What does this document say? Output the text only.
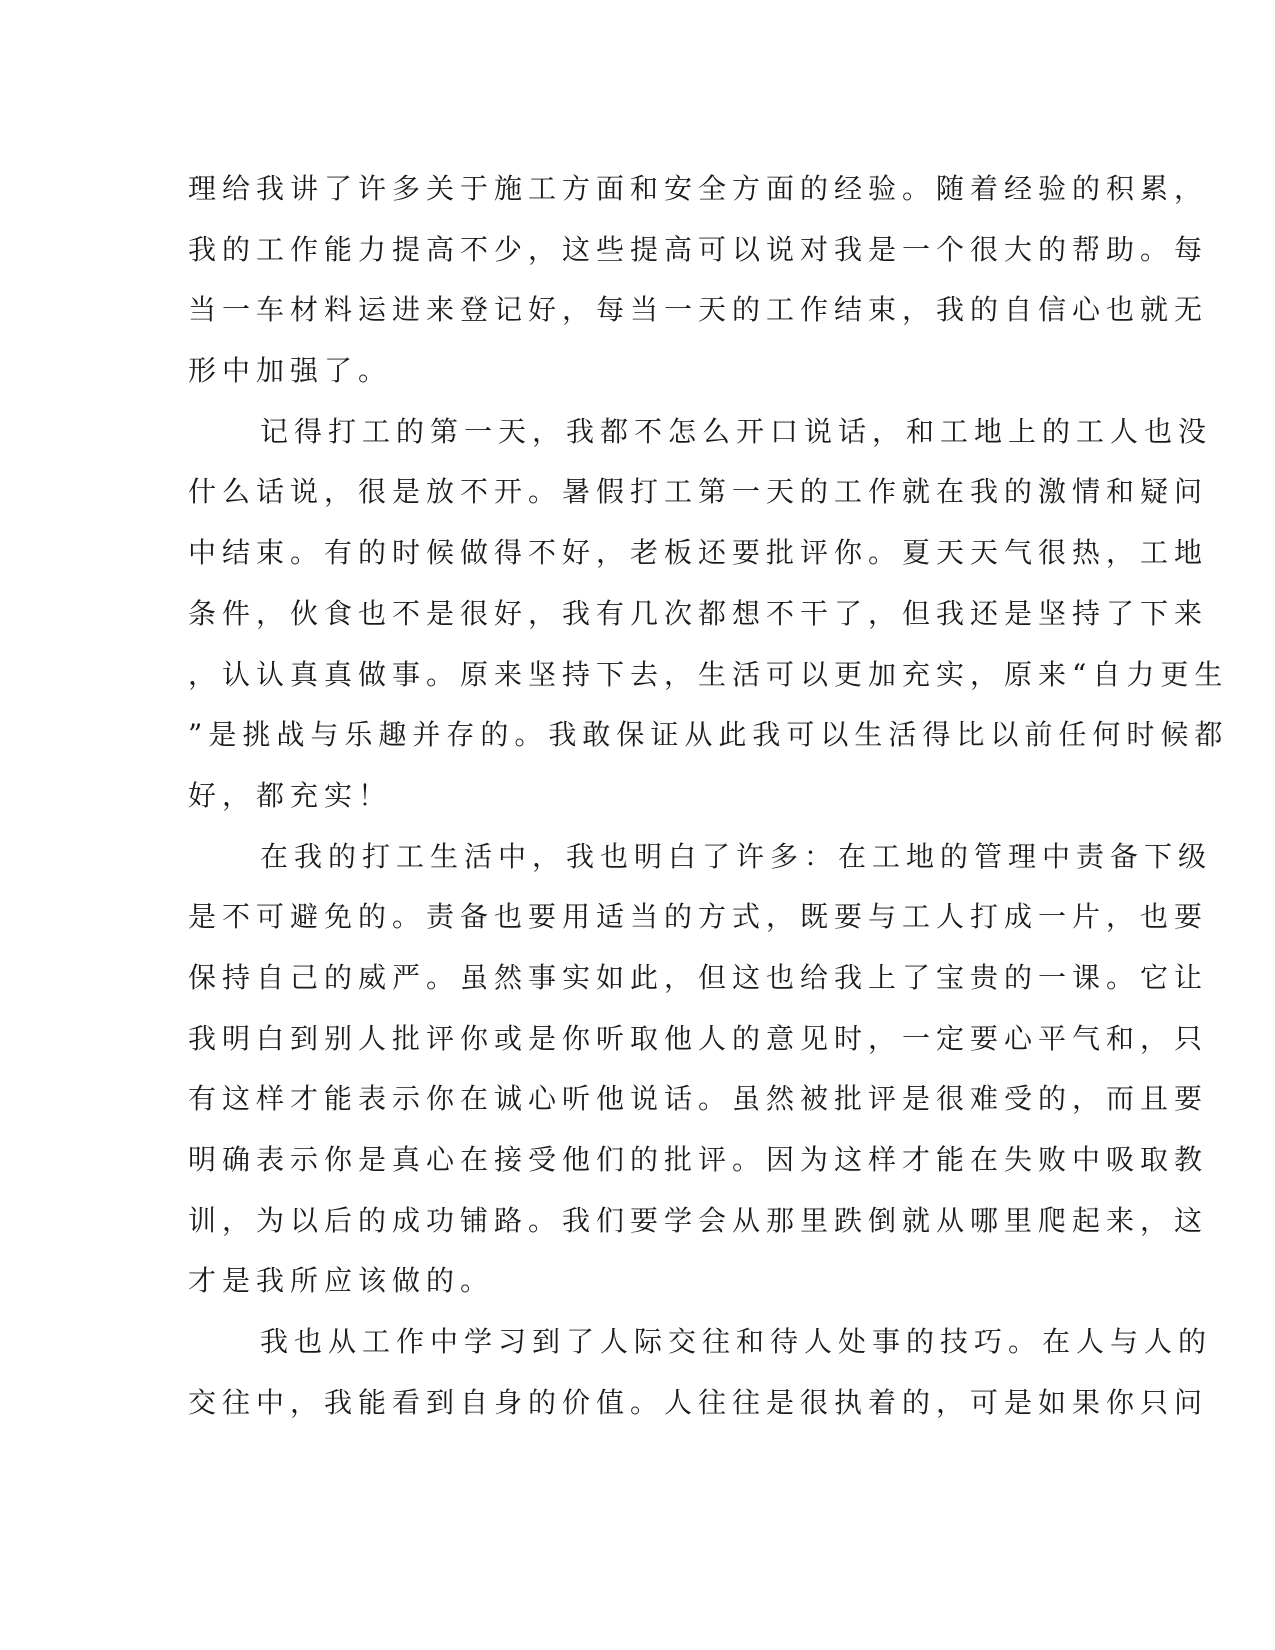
理给我讲了许多关于施工方面和安全方面的经验。随着经验的积累，

我的工作能力提高不少，这些提高可以说对我是一个很大的帮助。每

当一车材料运进来登记好，每当一天的工作结束，我的自信心也就无

形中加强了。

记得打工的第一天，我都不怎么开口说话，和工地上的工人也没

什么话说，很是放不开。暑假打工第一天的工作就在我的激情和疑问

中结束。有的时候做得不好，老板还要批评你。夏天天气很热，工地

条件，伙食也不是很好，我有几次都想不干了，但我还是坚持了下来

，认认真真做事。原来坚持下去，生活可以更加充实，原来“自力更生

”是挑战与乐趣并存的。我敢保证从此我可以生活得比以前任何时候都

好，都充实！

在我的打工生活中，我也明白了许多：在工地的管理中责备下级

是不可避免的。责备也要用适当的方式，既要与工人打成一片，也要

保持自己的威严。虽然事实如此，但这也给我上了宝贵的一课。它让

我明白到别人批评你或是你听取他人的意见时，一定要心平气和，只

有这样才能表示你在诚心听他说话。虽然被批评是很难受的，而且要

明确表示你是真心在接受他们的批评。因为这样才能在失败中吸取教

训，为以后的成功铺路。我们要学会从那里跌倒就从哪里爬起来，这

才是我所应该做的。

我也从工作中学习到了人际交往和待人处事的技巧。在人与人的

交往中，我能看到自身的价值。人往往是很执着的，可是如果你只问
